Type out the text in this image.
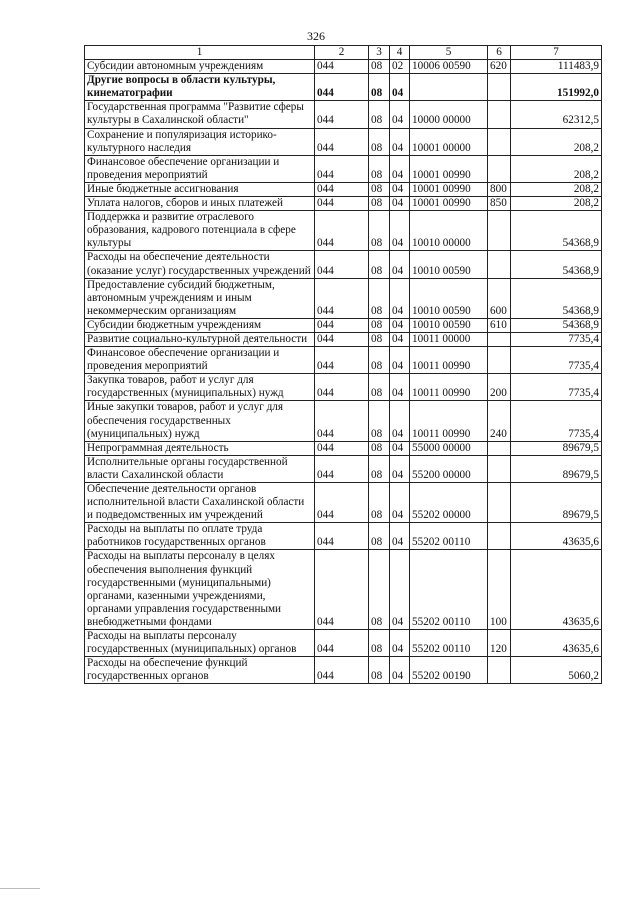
326
1	2	3	4	5	6	7
Субсидии автономным учреждениям	044	08	02	10006 00590	620	111483,9
Другие вопросы в области культуры, кинематографии	044	08	04			151992,0
Государственная программа "Развитие сферы культуры в Сахалинской области"	044	08	04	10000 00000		62312,5
Сохранение и популяризация историко-культурного наследия	044	08	04	10001 00000		208,2
Финансовое обеспечение организации и проведения мероприятий	044	08	04	10001 00990		208,2
Иные бюджетные ассигнования	044	08	04	10001 00990	800	208,2
Уплата налогов, сборов и иных платежей	044	08	04	10001 00990	850	208,2
Поддержка и развитие отраслевого образования, кадрового потенциала в сфере культуры	044	08	04	10010 00000		54368,9
Расходы на обеспечение деятельности (оказание услуг) государственных учреждений	044	08	04	10010 00590		54368,9
Предоставление субсидий бюджетным, автономным учреждениям и иным некоммерческим организациям	044	08	04	10010 00590	600	54368,9
Субсидии бюджетным учреждениям	044	08	04	10010 00590	610	54368,9
Развитие социально-культурной деятельности	044	08	04	10011 00000		7735,4
Финансовое обеспечение организации и проведения мероприятий	044	08	04	10011 00990		7735,4
Закупка товаров, работ и услуг для государственных (муниципальных) нужд	044	08	04	10011 00990	200	7735,4
Иные закупки товаров, работ и услуг для обеспечения государственных (муниципальных) нужд	044	08	04	10011 00990	240	7735,4
Непрограммная деятельность	044	08	04	55000 00000		89679,5
Исполнительные органы государственной власти Сахалинской области	044	08	04	55200 00000		89679,5
Обеспечение деятельности органов исполнительной власти Сахалинской области и подведомственных им учреждений	044	08	04	55202 00000		89679,5
Расходы на выплаты по оплате труда работников государственных органов	044	08	04	55202 00110		43635,6
Расходы на выплаты персоналу в целях обеспечения выполнения функций государственными (муниципальными) органами, казенными учреждениями, органами управления государственными внебюджетными фондами	044	08	04	55202 00110	100	43635,6
Расходы на выплаты персоналу государственных (муниципальных) органов	044	08	04	55202 00110	120	43635,6
Расходы на обеспечение функций государственных органов	044	08	04	55202 00190		5060,2
